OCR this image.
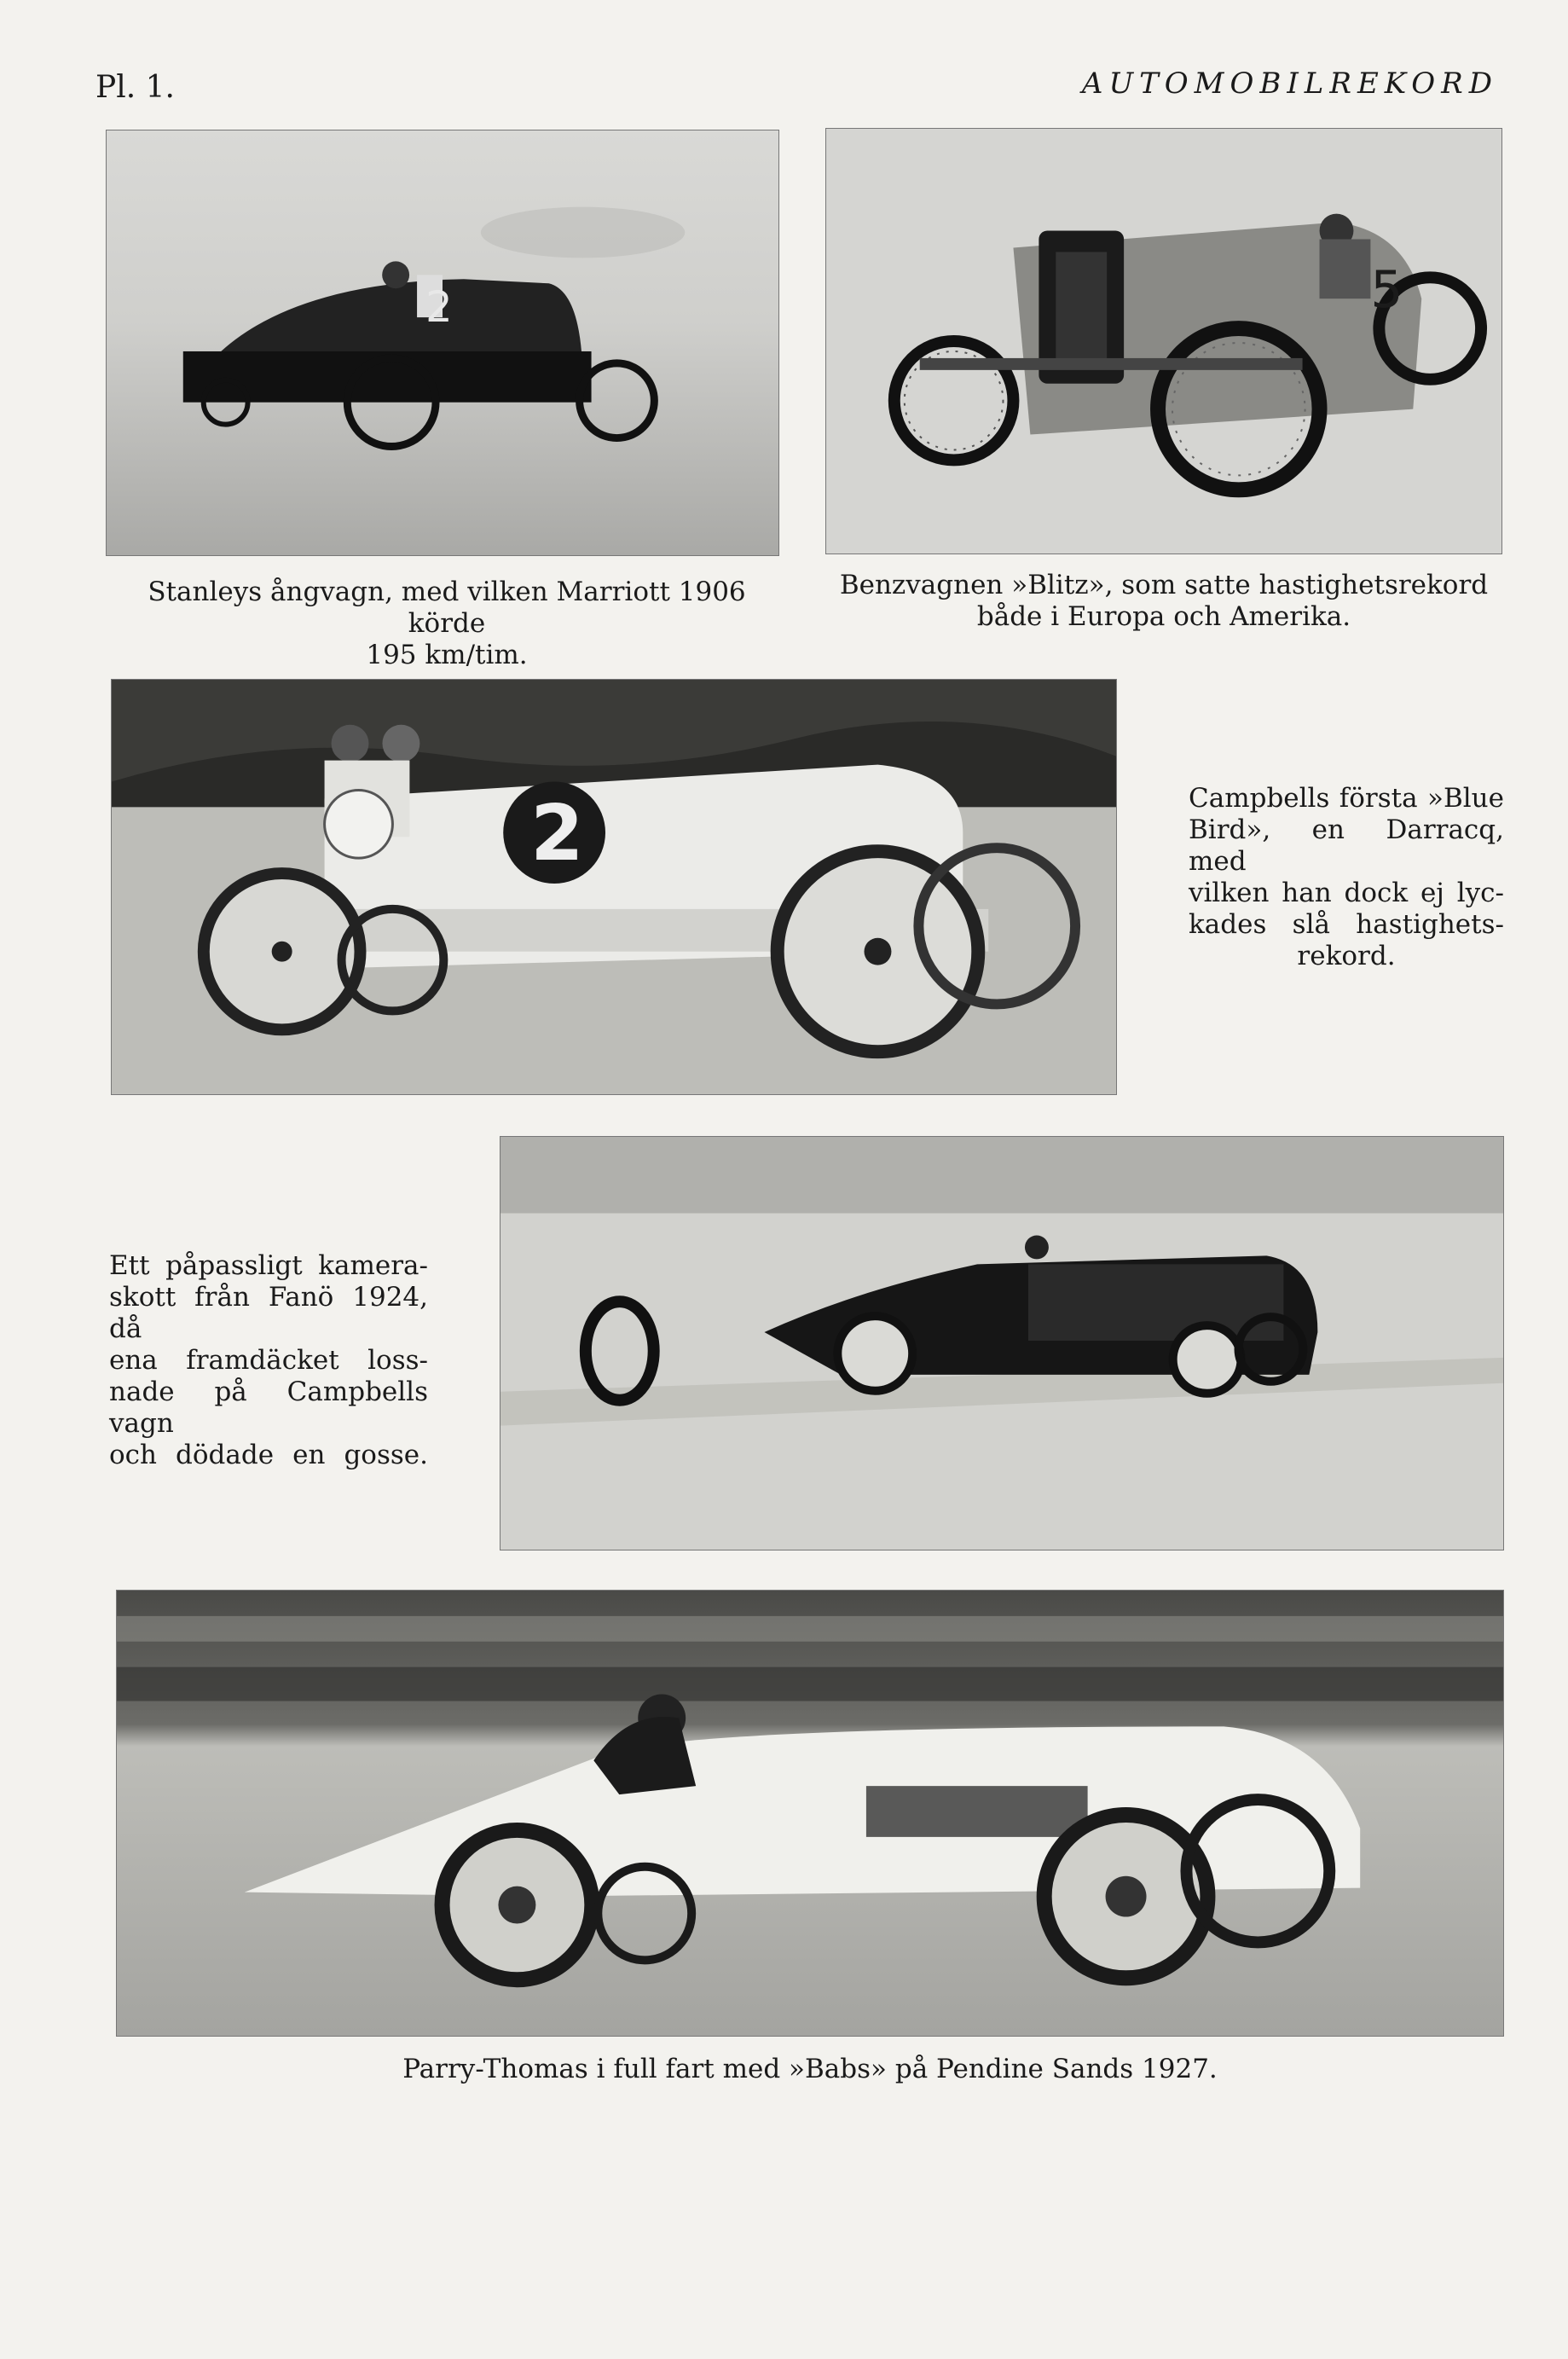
Pl. 1.	AUTOMOBILREKORD
2
Stanleys ångvagn, med vilken Marriott 1906 körde
195 km/tim.
5
Benzvagnen »Blitz», som satte hastighetsrekord
både i Europa och Amerika.
2	Campbells första »Blue
Bird», en Darracq, med
vilken han dock ej lyc-
kades slå hastighets-
rekord.
Ett påpassligt kamera-
skott från Fanö 1924, då
ena framdäcket loss-
nade på Campbells vagn
och dödade en gosse.
Parry-Thomas i full fart med »Babs» på Pendine Sands 1927.
